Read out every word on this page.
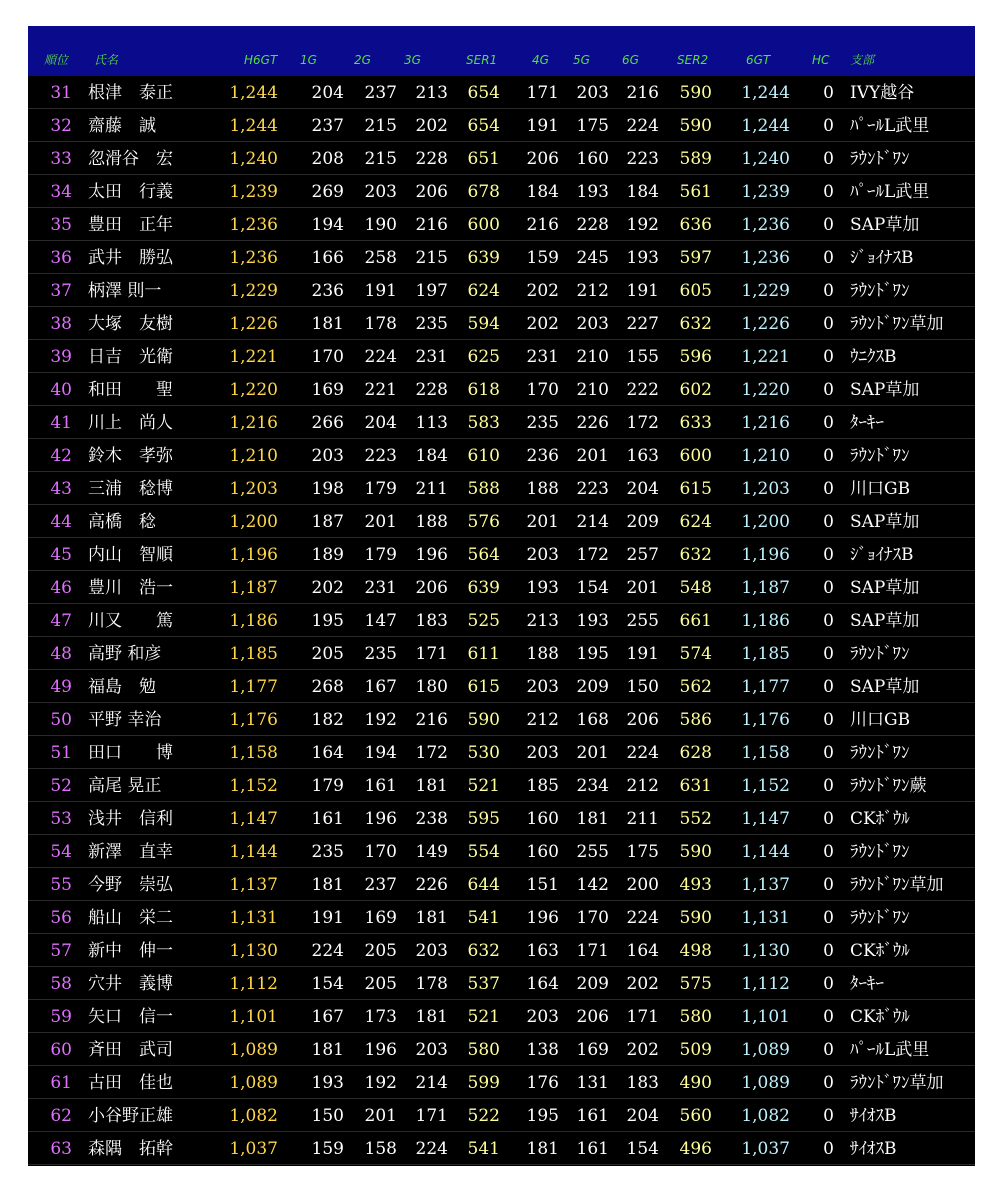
順位 氏名	H6GT 1G	2G	3G	SER1	4G 5G	6G	SER2	6GT	HC 支部
31 根津　泰正	1,244	204	237	213	654	171	203	216	590	1,244	0 IVY越谷
32 齋藤　誠	1,244	237	215	202	654	191	175	224	590	1,244	0 ﾊﾟｰﾙL武里
33 忽滑谷　宏	1,240	208	215	228	651	206	160	223	589	1,240	0 ﾗｳﾝﾄﾞﾜﾝ
34 太田　行義	1,239	269	203	206	678	184	193	184	561	1,239	0 ﾊﾟｰﾙL武里
35 豊田　正年	1,236	194	190	216	600	216	228	192	636	1,236	0 SAP草加
36 武井　勝弘	1,236	166	258	215	639	159	245	193	597	1,236	0 ｼﾞｮｲﾅｽB
37 柄澤 則一	1,229	236	191	197	624	202	212	191	605	1,229	0 ﾗｳﾝﾄﾞﾜﾝ
38 大塚　友樹	1,226	181	178	235	594	202	203	227	632	1,226	0 ﾗｳﾝﾄﾞﾜﾝ草加
39 日吉　光衛	1,221	170	224	231	625	231	210	155	596	1,221	0 ｳﾆｸｽB
40 和田　　聖	1,220	169	221	228	618	170	210	222	602	1,220	0 SAP草加
41 川上　尚人	1,216	266	204	113	583	235	226	172	633	1,216	0 ﾀｰｷｰ
42 鈴木　孝弥	1,210	203	223	184	610	236	201	163	600	1,210	0 ﾗｳﾝﾄﾞﾜﾝ
43 三浦　稔博	1,203	198	179	211	588	188	223	204	615	1,203	0 川口GB
44 高橋　稔	1,200	187	201	188	576	201	214	209	624	1,200	0 SAP草加
45 内山　智順	1,196	189	179	196	564	203	172	257	632	1,196	0 ｼﾞｮｲﾅｽB
46 豊川　浩一	1,187	202	231	206	639	193	154	201	548	1,187	0 SAP草加
47 川又　　篤	1,186	195	147	183	525	213	193	255	661	1,186	0 SAP草加
48 高野 和彦	1,185	205	235	171	611	188	195	191	574	1,185	0 ﾗｳﾝﾄﾞﾜﾝ
49 福島　勉	1,177	268	167	180	615	203	209	150	562	1,177	0 SAP草加
50 平野 幸治	1,176	182	192	216	590	212	168	206	586	1,176	0 川口GB
51 田口　　博	1,158	164	194	172	530	203	201	224	628	1,158	0 ﾗｳﾝﾄﾞﾜﾝ
52 高尾 晃正	1,152	179	161	181	521	185	234	212	631	1,152	0 ﾗｳﾝﾄﾞﾜﾝ蕨
53 浅井　信利	1,147	161	196	238	595	160	181	211	552	1,147	0 CKﾎﾞｳﾙ
54 新澤　直幸	1,144	235	170	149	554	160	255	175	590	1,144	0 ﾗｳﾝﾄﾞﾜﾝ
55 今野　崇弘	1,137	181	237	226	644	151	142	200	493	1,137	0 ﾗｳﾝﾄﾞﾜﾝ草加
56 船山　栄二	1,131	191	169	181	541	196	170	224	590	1,131	0 ﾗｳﾝﾄﾞﾜﾝ
57 新中　伸一	1,130	224	205	203	632	163	171	164	498	1,130	0 CKﾎﾞｳﾙ
58 穴井　義博	1,112	154	205	178	537	164	209	202	575	1,112	0 ﾀｰｷｰ
59 矢口　信一	1,101	167	173	181	521	203	206	171	580	1,101	0 CKﾎﾞｳﾙ
60 斉田　武司	1,089	181	196	203	580	138	169	202	509	1,089	0 ﾊﾟｰﾙL武里
61 古田　佳也	1,089	193	192	214	599	176	131	183	490	1,089	0 ﾗｳﾝﾄﾞﾜﾝ草加
62 小谷野正雄	1,082	150	201	171	522	195	161	204	560	1,082	0 ｻｲｵｽB
63 森隅　拓幹	1,037	159	158	224	541	181	161	154	496	1,037	0 ｻｲｵｽB
